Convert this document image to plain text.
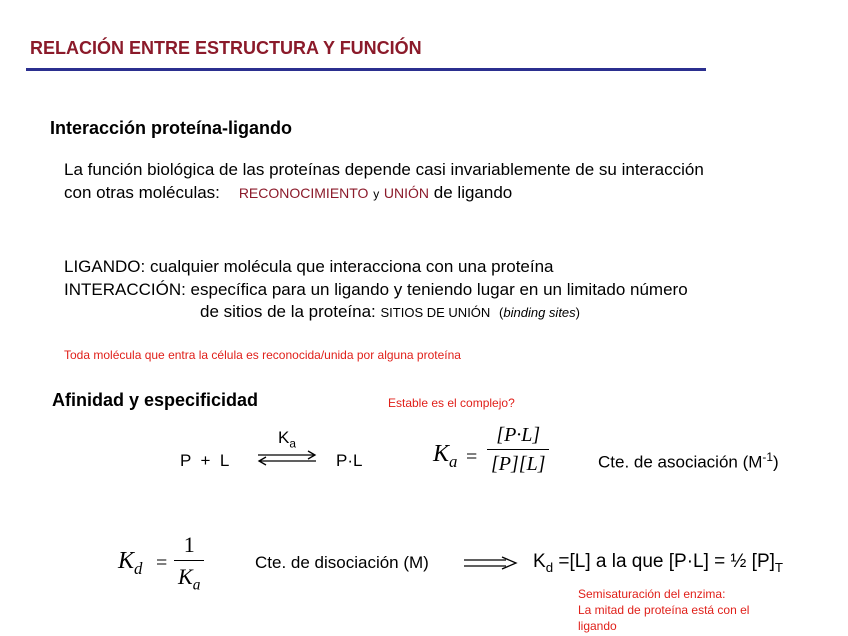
RELACIÓN ENTRE ESTRUCTURA Y FUNCIÓN
Interacción proteína-ligando
La función biológica de las proteínas depende casi invariablemente de su interacción
con otras moléculas: RECONOCIMIENTO y UNIÓN de ligando
LIGANDO: cualquier molécula que interacciona con una proteína
INTERACCIÓN: específica para un ligando y teniendo lugar en un limitado número
de sitios de la proteína: SITIOS DE UNIÓN (binding sites)
Toda molécula que entra la célula es reconocida/unida por alguna proteína
Afinidad y especificidad	Estable es el complejo?
P  +  L
$K_a$
⇌ P·L	$K_a$ =
[P·L]
[P][L]	Cte. de asociación $(M^{-1})$
$K_d$ =
1
$K_a$
Cte. de disociación (M)	$K_d =[L]$ a la que [P·L] = ½ $[P]_T$
Semisaturación del enzima:
La mitad de proteína está con el
ligando
